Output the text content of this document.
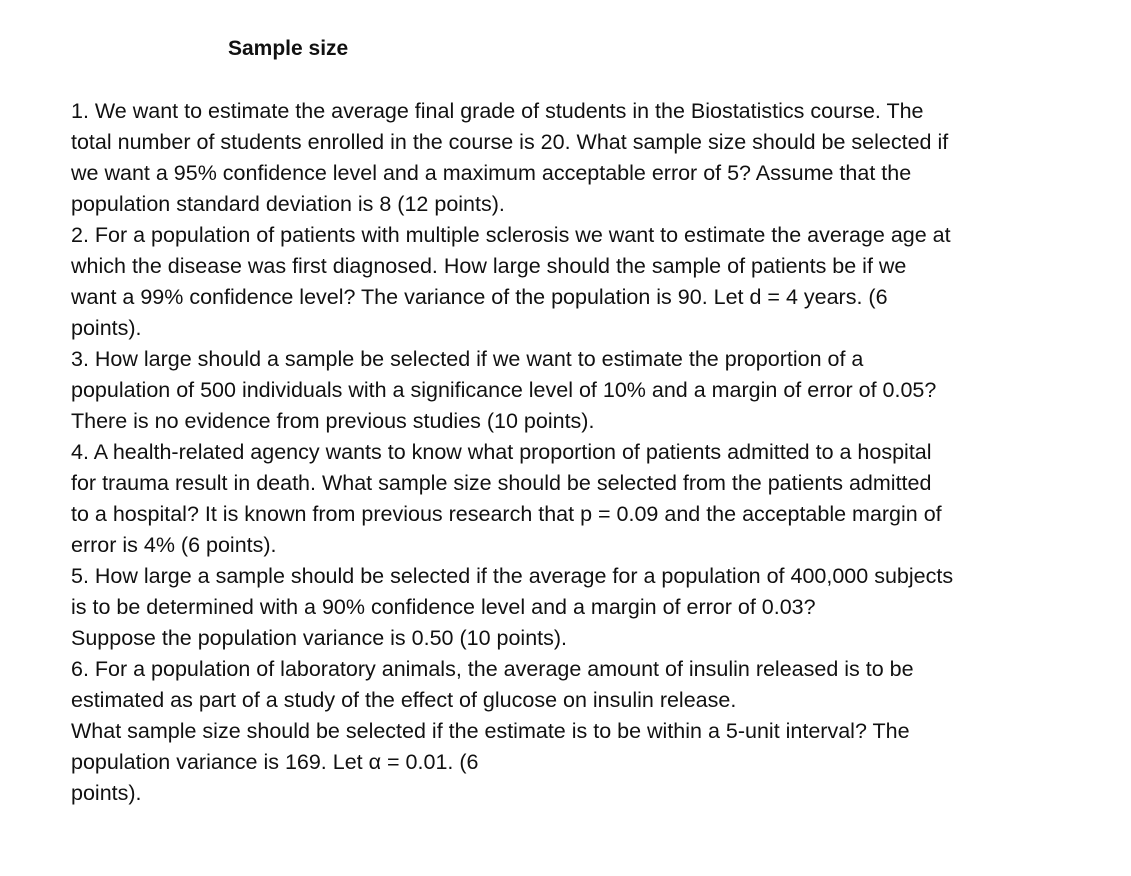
Sample size
1. We want to estimate the average final grade of students in the Biostatistics course. The
total number of students enrolled in the course is 20. What sample size should be selected if
we want a 95% confidence level and a maximum acceptable error of 5? Assume that the
population standard deviation is 8 (12 points).
2. For a population of patients with multiple sclerosis we want to estimate the average age at
which the disease was first diagnosed. How large should the sample of patients be if we
want a 99% confidence level? The variance of the population is 90. Let d = 4 years. (6
points).
3. How large should a sample be selected if we want to estimate the proportion of a
population of 500 individuals with a significance level of 10% and a margin of error of 0.05?
There is no evidence from previous studies (10 points).
4. A health-related agency wants to know what proportion of patients admitted to a hospital
for trauma result in death. What sample size should be selected from the patients admitted
to a hospital? It is known from previous research that p = 0.09 and the acceptable margin of
error is 4% (6 points).
5. How large a sample should be selected if the average for a population of 400,000 subjects
is to be determined with a 90% confidence level and a margin of error of 0.03?
Suppose the population variance is 0.50 (10 points).
6. For a population of laboratory animals, the average amount of insulin released is to be
estimated as part of a study of the effect of glucose on insulin release.
What sample size should be selected if the estimate is to be within a 5-unit interval? The
population variance is 169. Let α = 0.01. (6
points).
